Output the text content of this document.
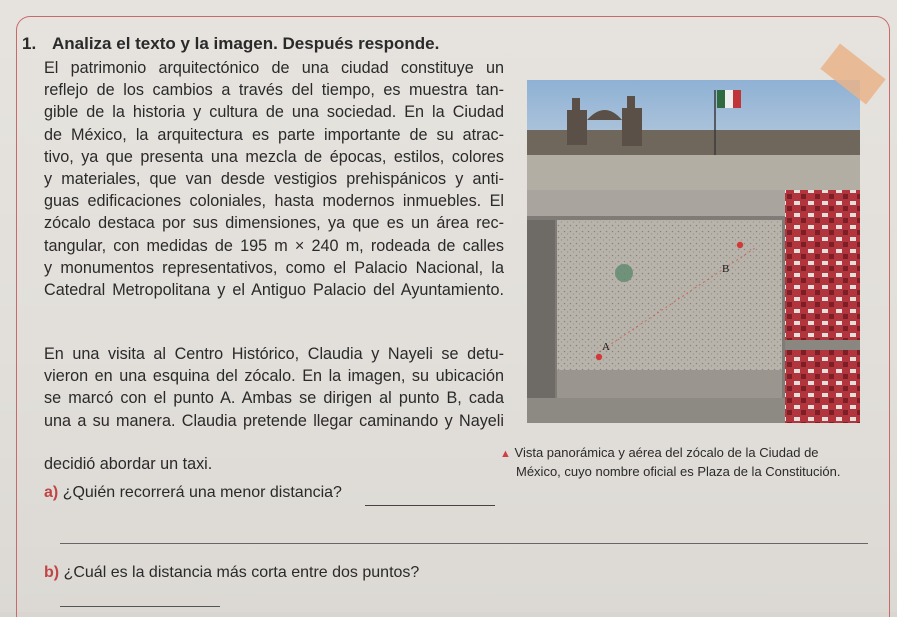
1. Analiza el texto y la imagen. Después responde.
El patrimonio arquitectónico de una ciudad constituye un
reflejo de los cambios a través del tiempo, es muestra tan-
gible de la historia y cultura de una sociedad. En la Ciudad
de México, la arquitectura es parte importante de su atrac-
tivo, ya que presenta una mezcla de épocas, estilos, colores
y materiales, que van desde vestigios prehispánicos y anti-
guas edificaciones coloniales, hasta modernos inmuebles. El
zócalo destaca por sus dimensiones, ya que es un área rec-
tangular, con medidas de 195 m × 240 m, rodeada de calles
y monumentos representativos, como el Palacio Nacional, la
Catedral Metropolitana y el Antiguo Palacio del Ayuntamiento.
En una visita al Centro Histórico, Claudia y Nayeli se detu-
vieron en una esquina del zócalo. En la imagen, su ubicación
se marcó con el punto A. Ambas se dirigen al punto B, cada
una a su manera. Claudia pretende llegar caminando y Nayeli
decidió abordar un taxi.
A
B
▲ Vista panorámica y aérea del zócalo de la Ciudad de
México, cuyo nombre oficial es Plaza de la Constitución.
a) ¿Quién recorrerá una menor distancia?
b) ¿Cuál es la distancia más corta entre dos puntos?
